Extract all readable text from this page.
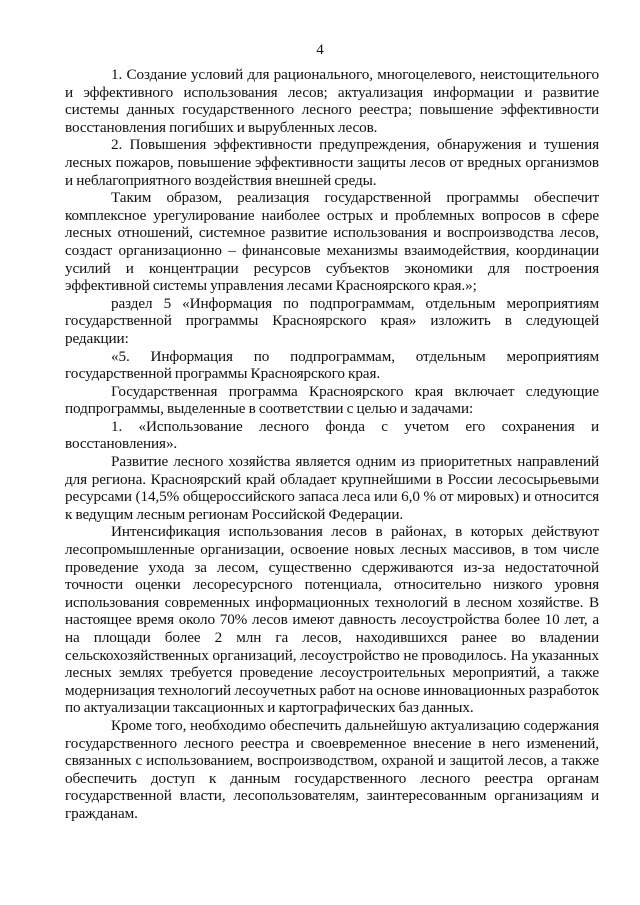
4

1. Создание условий для рационального, многоцелевого, неистощительного и эффективного использования лесов; актуализация информации и развитие системы данных государственного лесного реестра; повышение эффективности восстановления погибших и вырубленных лесов.

2. Повышения эффективности предупреждения, обнаружения и тушения лесных пожаров, повышение эффективности защиты лесов от вредных организмов и неблагоприятного воздействия внешней среды.

Таким образом, реализация государственной программы обеспечит комплексное урегулирование наиболее острых и проблемных вопросов в сфере лесных отношений, системное развитие использования и воспроизводства лесов, создаст организационно – финансовые механизмы взаимодействия, координации усилий и концентрации ресурсов субъектов экономики для построения эффективной системы управления лесами Красноярского края.»;

раздел 5 «Информация по подпрограммам, отдельным мероприятиям государственной программы Красноярского края» изложить в следующей редакции:

«5. Информация по подпрограммам, отдельным мероприятиям государственной программы Красноярского края.

Государственная программа Красноярского края включает следующие подпрограммы, выделенные в соответствии с целью и задачами:

1. «Использование лесного фонда с учетом его сохранения и восстановления».

Развитие лесного хозяйства является одним из приоритетных направлений для региона. Красноярский край обладает крупнейшими в России лесосырьевыми ресурсами (14,5% общероссийского запаса леса или 6,0 % от мировых) и относится к ведущим лесным регионам Российской Федерации.

Интенсификация использования лесов в районах, в которых действуют лесопромышленные организации, освоение новых лесных массивов, в том числе проведение ухода за лесом, существенно сдерживаются из-за недостаточной точности оценки лесоресурсного потенциала, относительно низкого уровня использования современных информационных технологий в лесном хозяйстве. В настоящее время около 70% лесов имеют давность лесоустройства более 10 лет, а на площади более 2 млн га лесов, находившихся ранее во владении сельскохозяйственных организаций, лесоустройство не проводилось. На указанных лесных землях требуется проведение лесоустроительных мероприятий, а также модернизация технологий лесоучетных работ на основе инновационных разработок по актуализации таксационных и картографических баз данных.

Кроме того, необходимо обеспечить дальнейшую актуализацию содержания государственного лесного реестра и своевременное внесение в него изменений, связанных с использованием, воспроизводством, охраной и защитой лесов, а также обеспечить доступ к данным государственного лесного реестра органам государственной власти, лесопользователям, заинтересованным организациям и гражданам.
